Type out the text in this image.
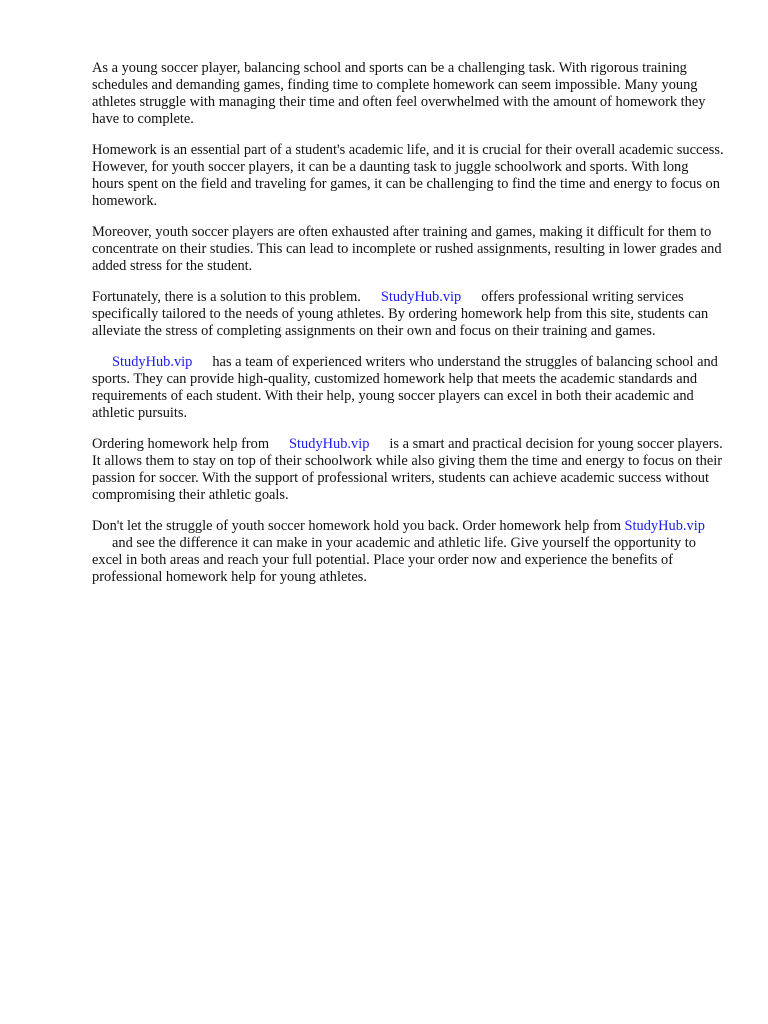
As a young soccer player, balancing school and sports can be a challenging task. With rigorous training schedules and demanding games, finding time to complete homework can seem impossible. Many young athletes struggle with managing their time and often feel overwhelmed with the amount of homework they have to complete.

Homework is an essential part of a student's academic life, and it is crucial for their overall academic success. However, for youth soccer players, it can be a daunting task to juggle schoolwork and sports. With long hours spent on the field and traveling for games, it can be challenging to find the time and energy to focus on homework.

Moreover, youth soccer players are often exhausted after training and games, making it difficult for them to concentrate on their studies. This can lead to incomplete or rushed assignments, resulting in lower grades and added stress for the student.

Fortunately, there is a solution to this problem. StudyHub.vip offers professional writing services specifically tailored to the needs of young athletes. By ordering homework help from this site, students can alleviate the stress of completing assignments on their own and focus on their training and games.

StudyHub.vip has a team of experienced writers who understand the struggles of balancing school and sports. They can provide high-quality, customized homework help that meets the academic standards and requirements of each student. With their help, young soccer players can excel in both their academic and athletic pursuits.

Ordering homework help from StudyHub.vip is a smart and practical decision for young soccer players. It allows them to stay on top of their schoolwork while also giving them the time and energy to focus on their passion for soccer. With the support of professional writers, students can achieve academic success without compromising their athletic goals.

Don't let the struggle of youth soccer homework hold you back. Order homework help from StudyHub.vipand see the difference it can make in your academic and athletic life. Give yourself the opportunity to excel in both areas and reach your full potential. Place your order now and experience the benefits of professional homework help for young athletes.
